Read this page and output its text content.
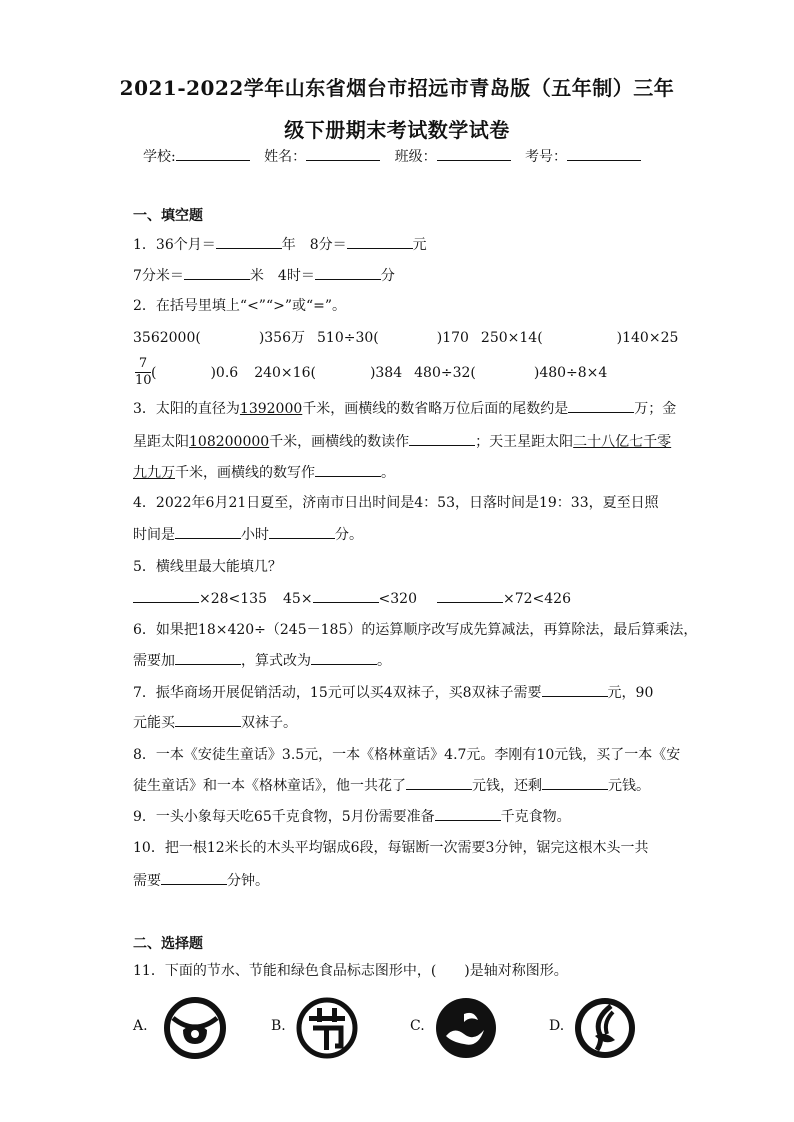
2021-2022学年山东省烟台市招远市青岛版（五年制）三年
级下册期末考试数学试卷
学校:	姓名：	班级：	考号：
一、填空题
1．36个月＝	年　8分＝	元
7分米＝	米　4时＝	分
2．在括号里填上“<”“>”或“=”。
3562000(	)356万 510÷30(	)170 250×14(	)140×25
$\frac{7}{10}$ (	)0.6 240×16(	)384 480÷32(	)480÷8×4
3．太阳的直径为1392000千米，画横线的数省略万位后面的尾数约是	万；金
星距太阳108200000千米，画横线的数读作	；天王星距太阳二十八亿七千零
九九万千米，画横线的数写作	。
4．2022年6月21日夏至，济南市日出时间是4：53，日落时间是19：33，夏至日照
时间是	小时	分。
5．横线里最大能填几？
×28<135 45×	<320	×72<426
6．如果把18×420÷（245－185）的运算顺序改写成先算减法，再算除法，最后算乘法，
需要加	，算式改为	。
7．振华商场开展促销活动，15元可以买4双袜子，买8双袜子需要	元，90
元能买	双袜子。
8．一本《安徒生童话》3.5元，一本《格林童话》4.7元。李刚有10元钱，买了一本《安
徒生童话》和一本《格林童话》，他一共花了	元钱，还剩	元钱。
9．一头小象每天吃65千克食物，5月份需要准备	千克食物。
10．把一根12米长的木头平均锯成6段，每锯断一次需要3分钟，锯完这根木头一共
需要	分钟。
二、选择题
11．下面的节水、节能和绿色食品标志图形中，(　　)是轴对称图形。
A.	B.	C.	D.
